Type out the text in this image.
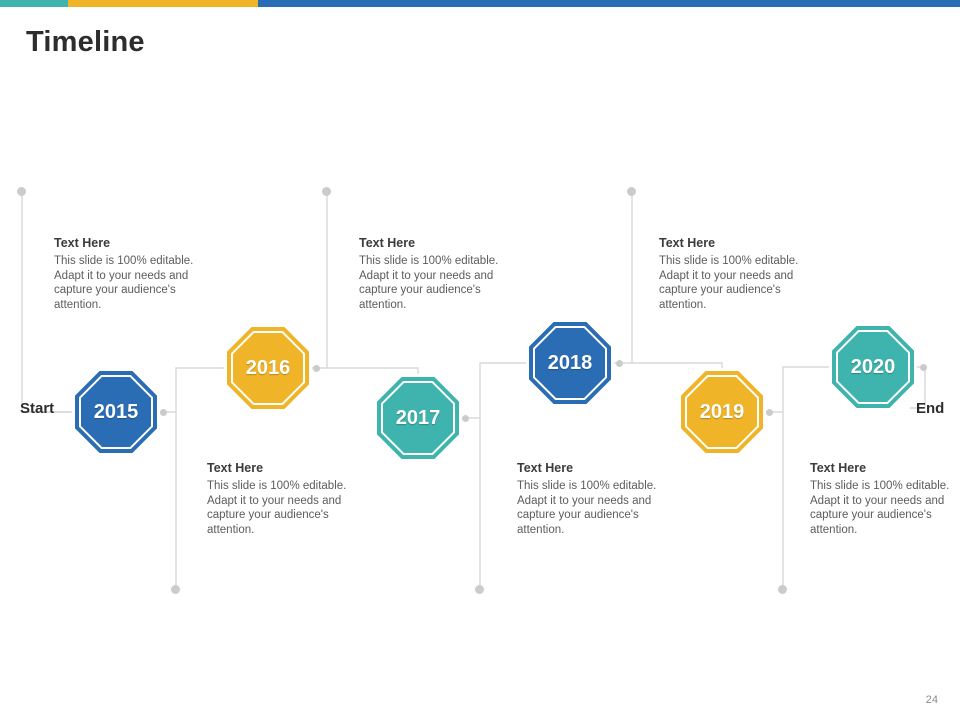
Timeline
Start	End
2015
2016
2017
2018
2019
2020
Text Here

This slide is 100% editable. Adapt it to your needs and capture your audience's attention.

Text Here

This slide is 100% editable. Adapt it to your needs and capture your audience's attention.

Text Here

This slide is 100% editable. Adapt it to your needs and capture your audience's attention.

Text Here

This slide is 100% editable. Adapt it to your needs and capture your audience's attention.

Text Here

This slide is 100% editable. Adapt it to your needs and capture your audience's attention.

Text Here

This slide is 100% editable. Adapt it to your needs and capture your audience's attention.

24
